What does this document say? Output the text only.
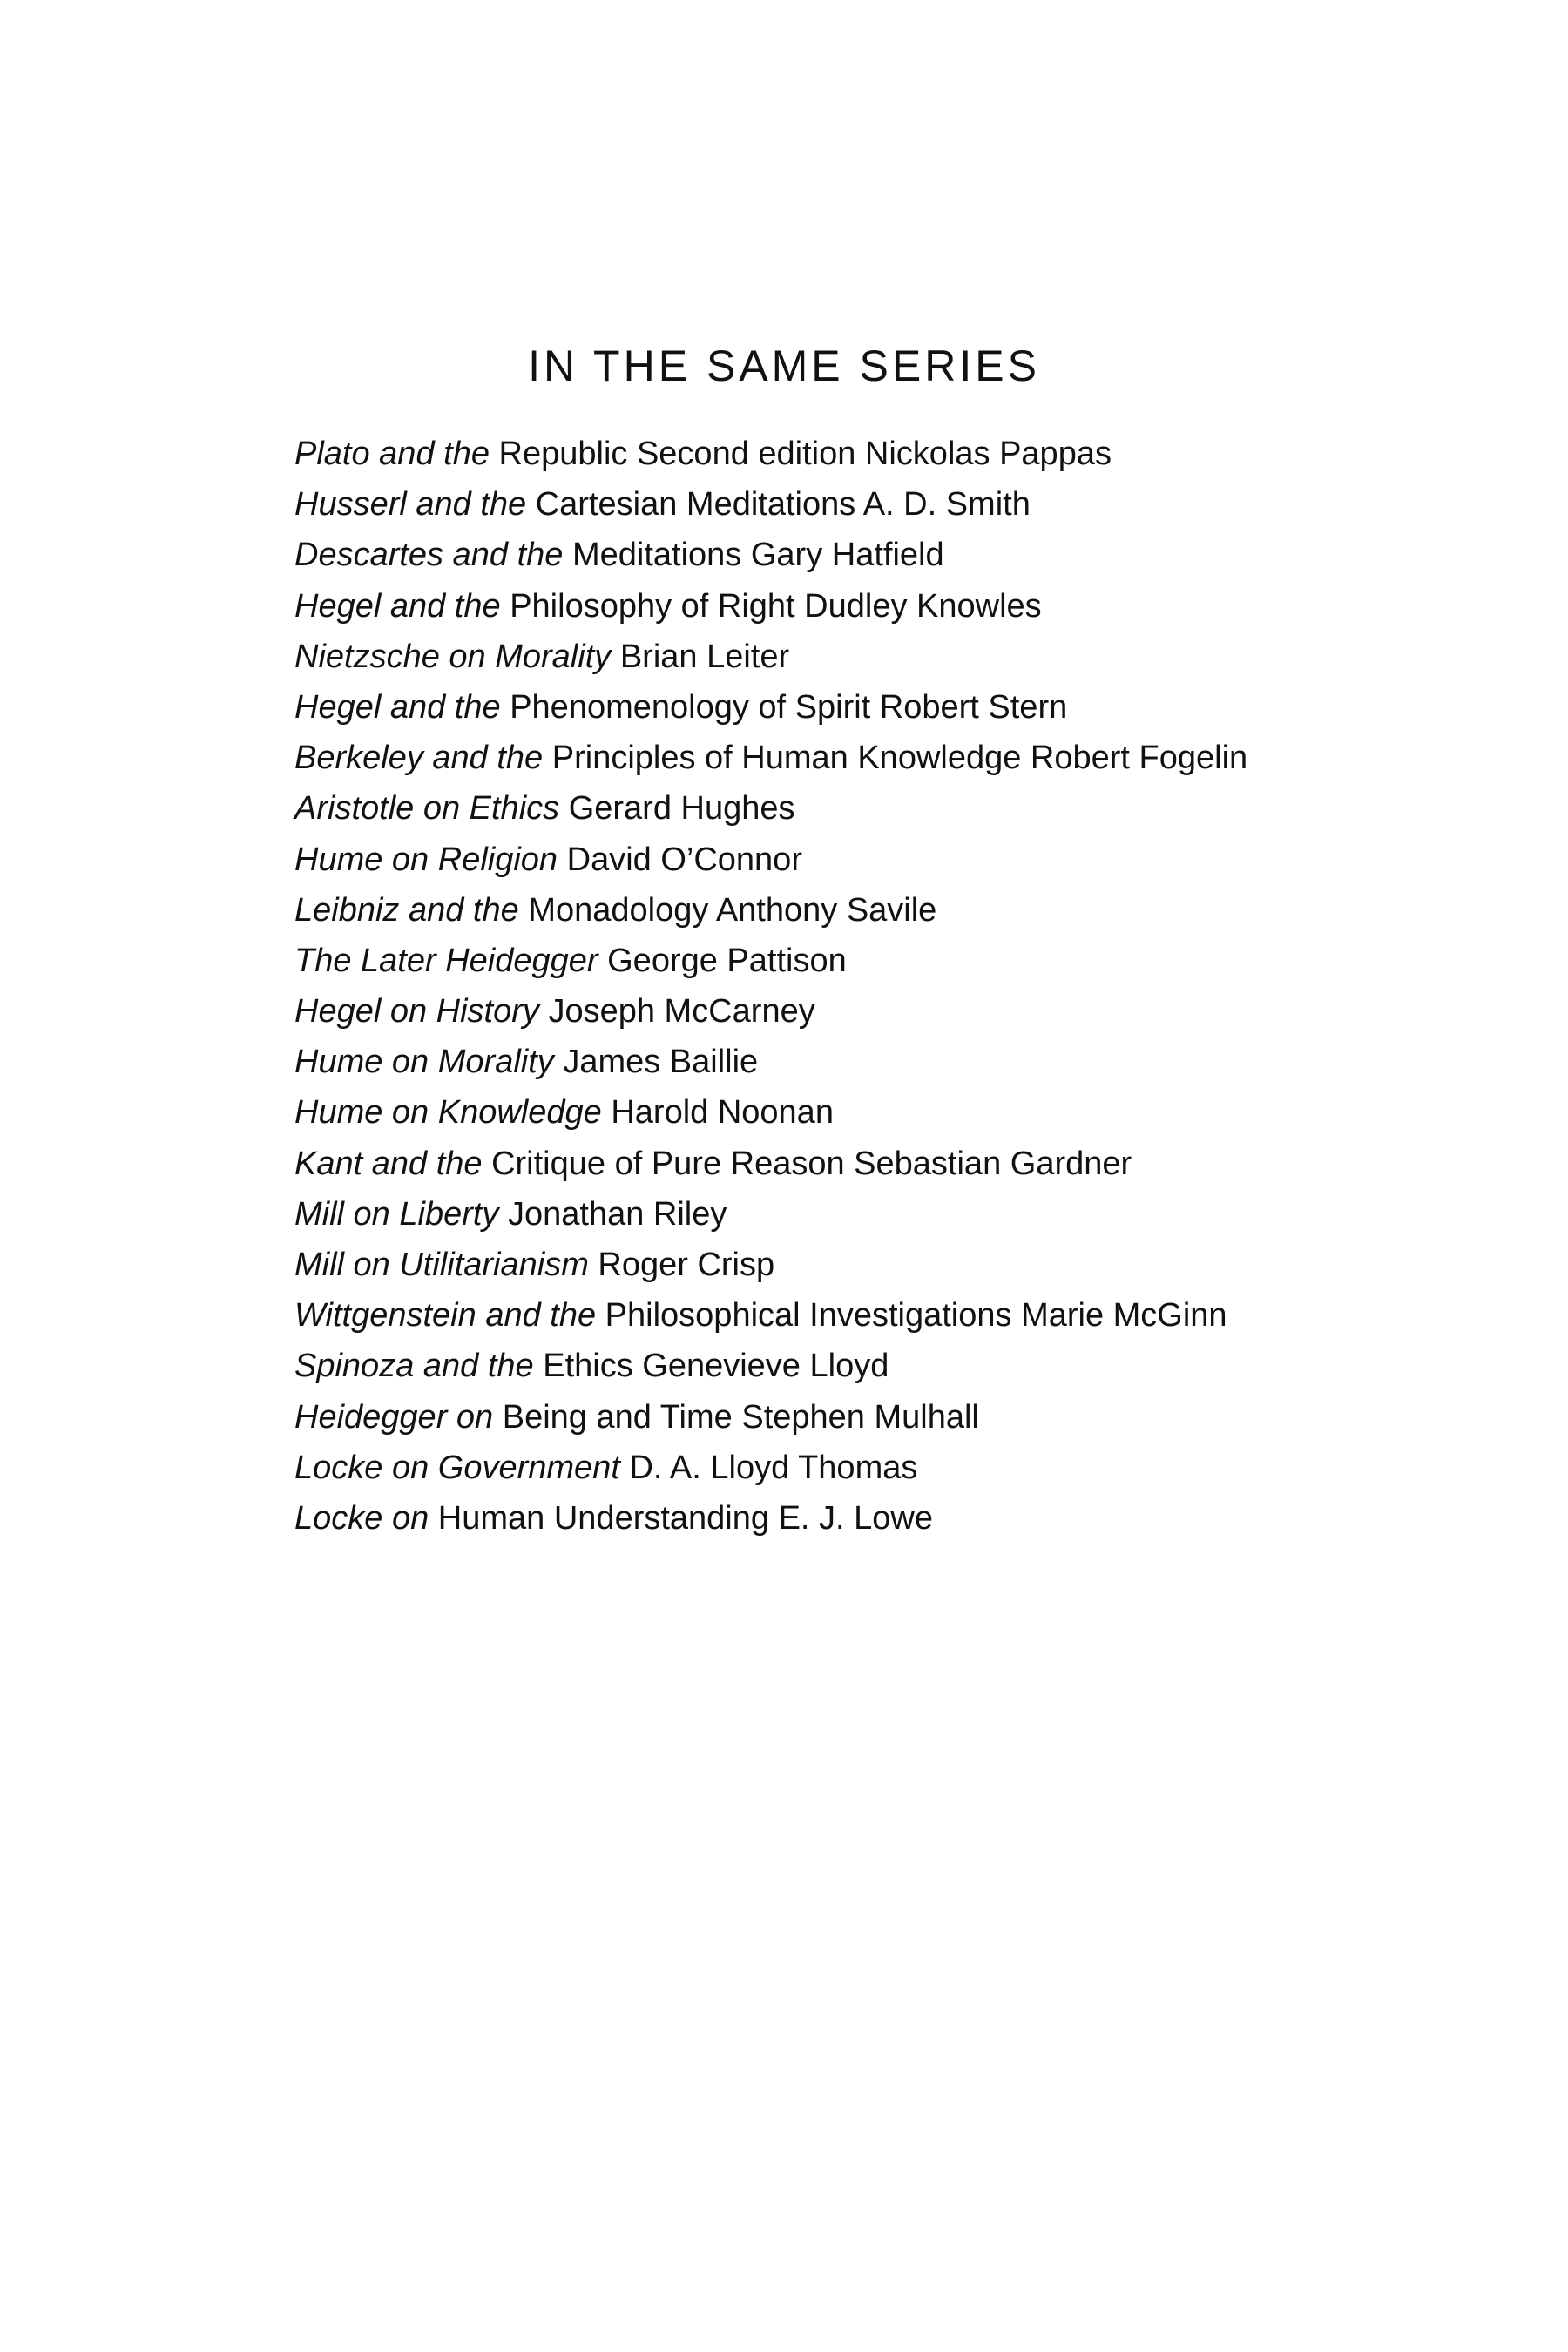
IN THE SAME SERIES
Plato and the Republic Second edition Nickolas Pappas
Husserl and the Cartesian Meditations A. D. Smith
Descartes and the Meditations Gary Hatfield
Hegel and the Philosophy of Right Dudley Knowles
Nietzsche on Morality Brian Leiter
Hegel and the Phenomenology of Spirit Robert Stern
Berkeley and the Principles of Human Knowledge Robert Fogelin
Aristotle on Ethics Gerard Hughes
Hume on Religion David O’Connor
Leibniz and the Monadology Anthony Savile
The Later Heidegger George Pattison
Hegel on History Joseph McCarney
Hume on Morality James Baillie
Hume on Knowledge Harold Noonan
Kant and the Critique of Pure Reason Sebastian Gardner
Mill on Liberty Jonathan Riley
Mill on Utilitarianism Roger Crisp
Wittgenstein and the Philosophical Investigations Marie McGinn
Spinoza and the Ethics Genevieve Lloyd
Heidegger on Being and Time Stephen Mulhall
Locke on Government D. A. Lloyd Thomas
Locke on Human Understanding E. J. Lowe
